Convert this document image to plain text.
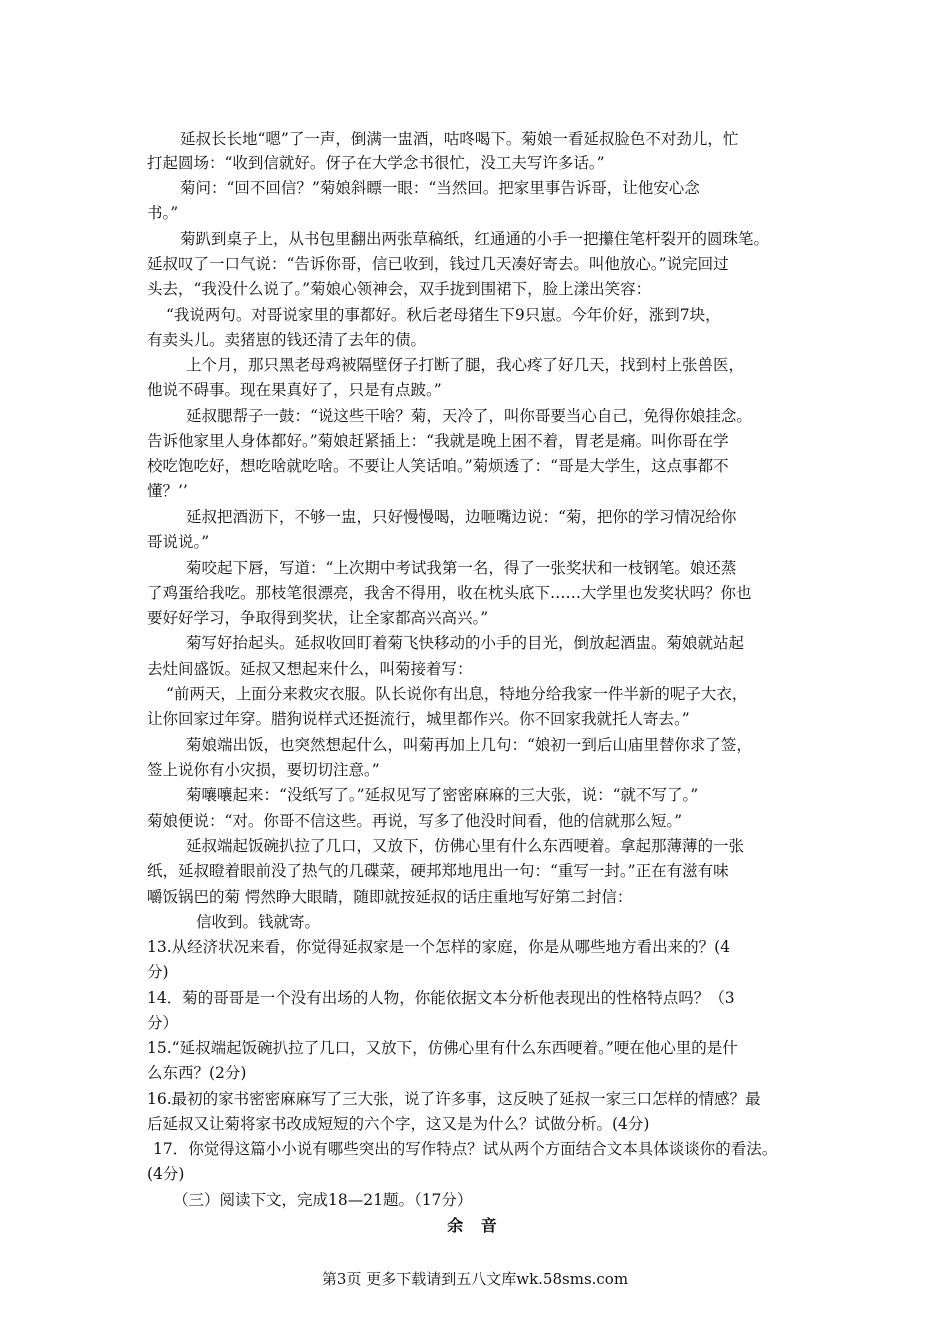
延叔长长地“嗯”了一声，倒满一盅酒，咕咚喝下。菊娘一看延叔脸色不对劲儿，忙
打起圆场：“收到信就好。伢子在大学念书很忙，没工夫写许多话。”
菊问：“回不回信？”菊娘斜瞟一眼：“当然回。把家里事告诉哥，让他安心念
书。”
菊趴到桌子上，从书包里翻出两张草稿纸，红通通的小手一把攥住笔杆裂开的圆珠笔。
延叔叹了一口气说：“告诉你哥，信已收到，钱过几天凑好寄去。叫他放心。”说完回过
头去，“我没什么说了。”菊娘心领神会，双手拢到围裙下，脸上漾出笑容：
“我说两句。对哥说家里的事都好。秋后老母猪生下9只崽。今年价好，涨到7块，
有卖头儿。卖猪崽的钱还清了去年的债。
上个月，那只黑老母鸡被隔壁伢子打断了腿，我心疼了好几天，找到村上张兽医，
他说不碍事。现在果真好了，只是有点跛。”
延叔腮帮子一鼓：“说这些干啥？菊，天冷了，叫你哥要当心自己，免得你娘挂念。
告诉他家里人身体都好。”菊娘赶紧插上：“我就是晚上困不着，胃老是痛。叫你哥在学
校吃饱吃好，想吃啥就吃啥。不要让人笑话咱。”菊烦透了：“哥是大学生，这点事都不
懂？’’
延叔把酒沥下，不够一盅，只好慢慢喝，边咂嘴边说：“菊，把你的学习情况给你
哥说说。”
菊咬起下唇，写道：“上次期中考试我第一名，得了一张奖状和一枝钢笔。娘还蒸
了鸡蛋给我吃。那枝笔很漂亮，我舍不得用，收在枕头底下……大学里也发奖状吗？你也
要好好学习，争取得到奖状，让全家都高兴高兴。”
菊写好抬起头。延叔收回盯着菊飞快移动的小手的目光，倒放起酒盅。菊娘就站起
去灶间盛饭。延叔又想起来什么，叫菊接着写：
“前两天，上面分来救灾衣服。队长说你有出息，特地分给我家一件半新的呢子大衣，
让你回家过年穿。腊狗说样式还挺流行，城里都作兴。你不回家我就托人寄去。”
菊娘端出饭，也突然想起什么，叫菊再加上几句：“娘初一到后山庙里替你求了签，
签上说你有小灾损，要切切注意。”
菊嚷嚷起来：“没纸写了。”延叔见写了密密麻麻的三大张，说：“就不写了。”
菊娘便说：“对。你哥不信这些。再说，写多了他没时间看，他的信就那么短。”
延叔端起饭碗扒拉了几口，又放下，仿佛心里有什么东西哽着。拿起那薄薄的一张
纸，延叔瞪着眼前没了热气的几碟菜，硬邦郑地甩出一句：“重写一封。”正在有滋有味
嚼饭锅巴的菊 愕然睁大眼睛，随即就按延叔的话庄重地写好第二封信：
信收到。钱就寄。
13.从经济状况来看，你觉得延叔家是一个怎样的家庭，你是从哪些地方看出来的？(4
分)
14．菊的哥哥是一个没有出场的人物，你能依据文本分析他表现出的性格特点吗？（3
分）
15.“延叔端起饭碗扒拉了几口，又放下，仿佛心里有什么东西哽着。”哽在他心里的是什
么东西？(2分)
16.最初的家书密密麻麻写了三大张，说了许多事，这反映了延叔一家三口怎样的情感？最
后延叔又让菊将家书改成短短的六个字，这又是为什么？试做分析。(4分)
17．你觉得这篇小小说有哪些突出的写作特点？试从两个方面结合文本具体谈谈你的看法。
(4分)
（三）阅读下文，完成18—21题。（17分）
余 音
第3页 更多下载请到五八文库wk.58sms.com
